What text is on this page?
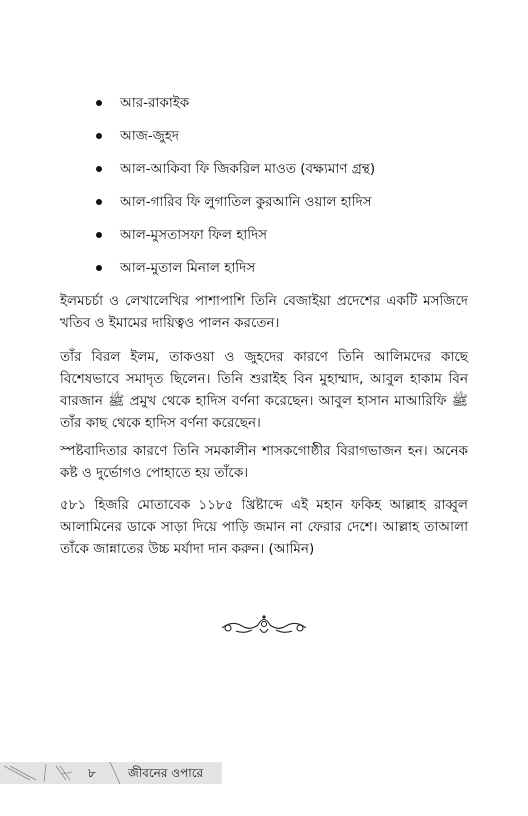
আর-রাকাইক
আজ-জুহদ
আল-আকিবা ফি জিকরিল মাওত (বক্ষ্যমাণ গ্রন্থ)
আল-গারিব ফি লুগাতিল কুরআনি ওয়াল হাদিস
আল-মুসতাসফা ফিল হাদিস
আল-মুতাল মিনাল হাদিস

ইলমচর্চা ও লেখালেখির পাশাপাশি তিনি বেজাইয়া প্রদেশের একটি মসজিদে খতিব ও ইমামের দায়িত্বও পালন করতেন।

তাঁর বিরল ইলম, তাকওয়া ও জুহদের কারণে তিনি আলিমদের কাছে বিশেষভাবে সমাদৃত ছিলেন। তিনি শুরাইহ বিন মুহাম্মাদ, আবুল হাকাম বিন বারজান ﷺ প্রমুখ থেকে হাদিস বর্ণনা করেছেন। আবুল হাসান মাআরিফি ﷺ তাঁর কাছ থেকে হাদিস বর্ণনা করেছেন।

স্পষ্টবাদিতার কারণে তিনি সমকালীন শাসকগোষ্ঠীর বিরাগভাজন হন। অনেক কষ্ট ও দুর্ভোগও পোহাতে হয় তাঁকে।

৫৮১ হিজরি মোতাবেক ১১৮৫ খ্রিষ্টাব্দে এই মহান ফকিহ আল্লাহ রাব্বুল আলামিনের ডাকে সাড়া দিয়ে পাড়ি জমান না ফেরার দেশে। আল্লাহ তাআলা তাঁকে জান্নাতের উচ্চ মর্যাদা দান করুন। (আমিন)

৮	জীবনের ওপারে
